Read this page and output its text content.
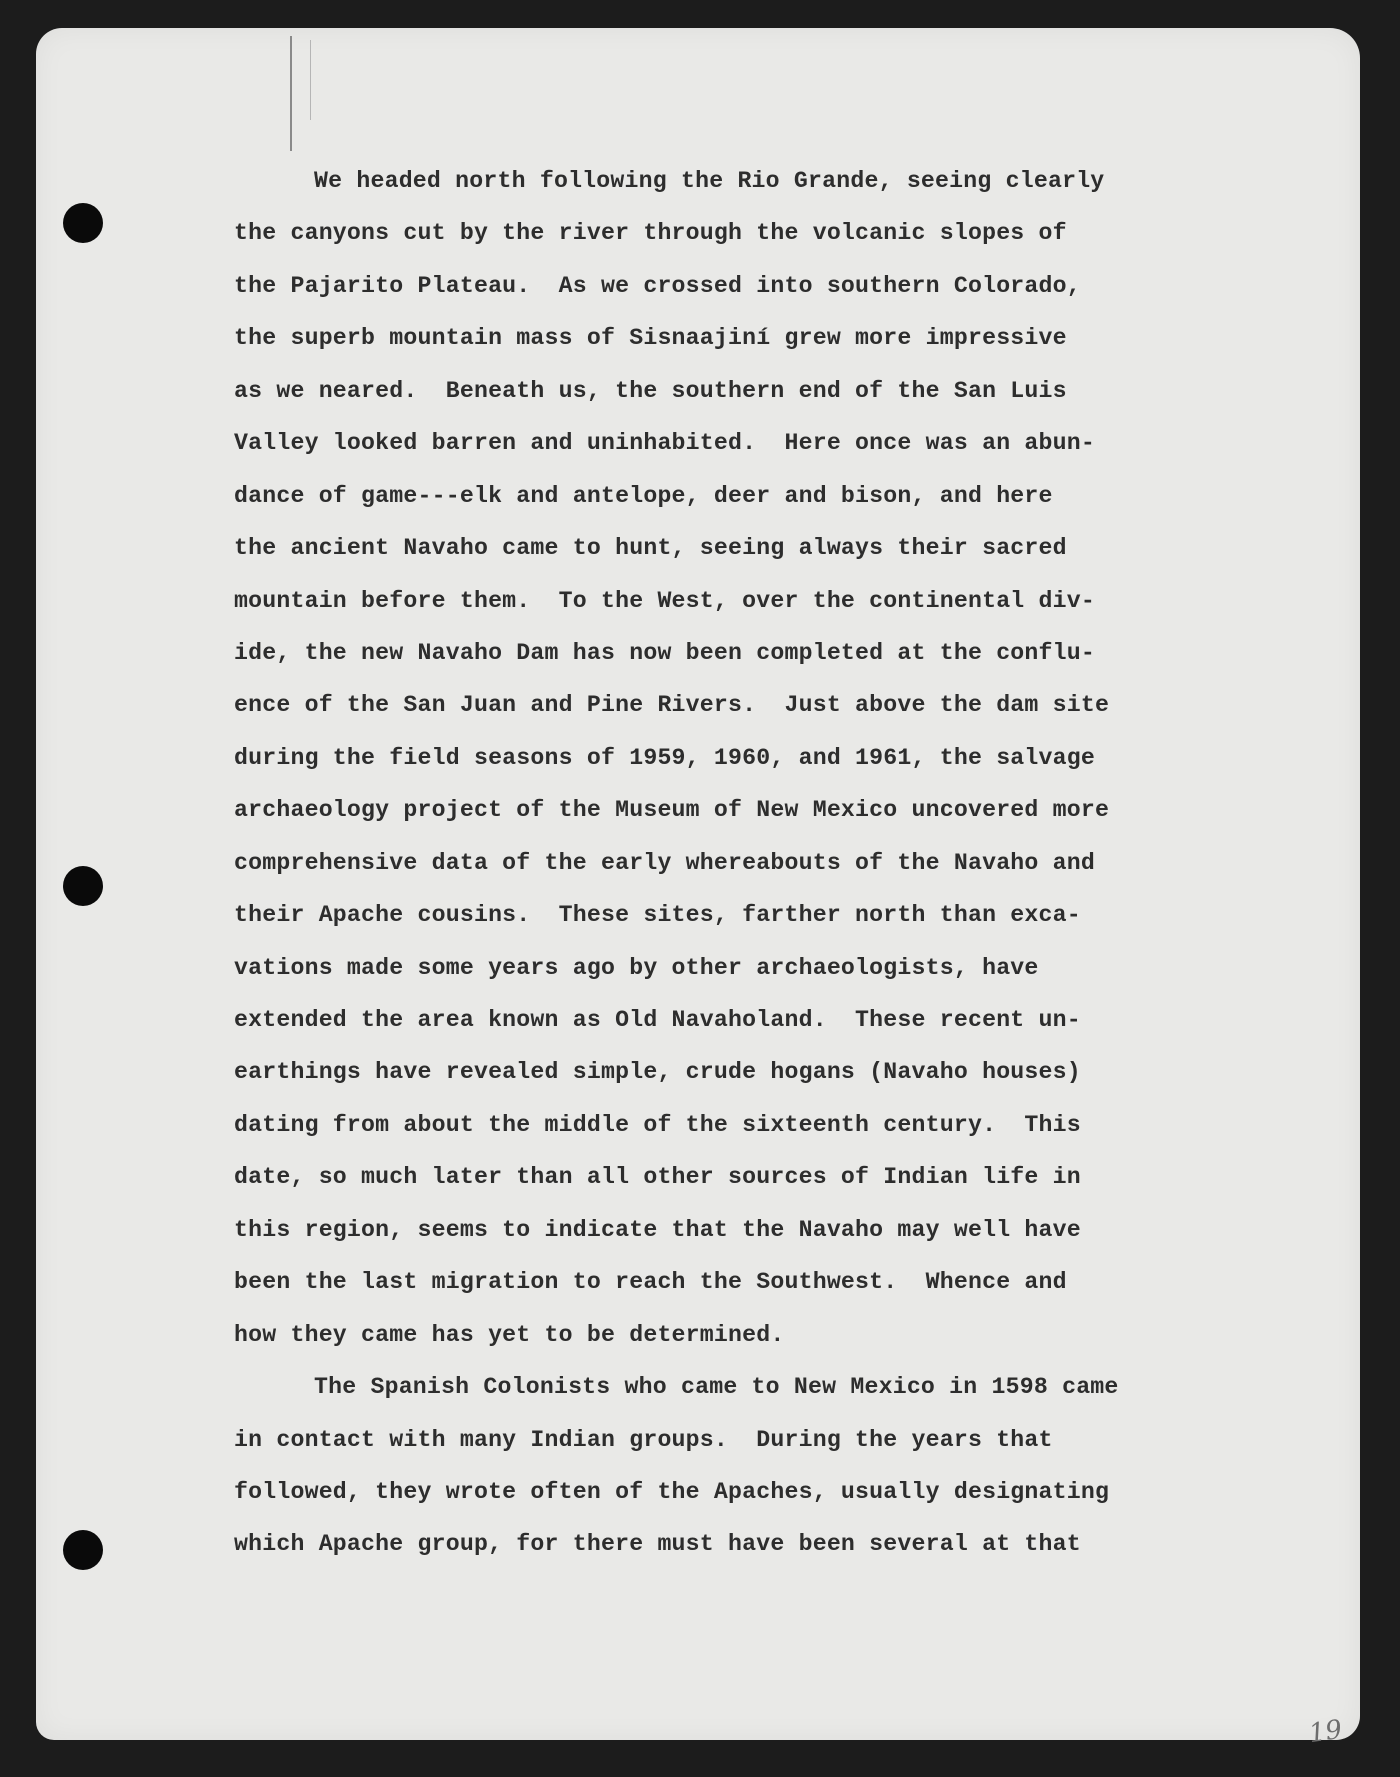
We headed north following the Rio Grande, seeing clearly
the canyons cut by the river through the volcanic slopes of
the Pajarito Plateau.  As we crossed into southern Colorado,
the superb mountain mass of Sisnaajiní grew more impressive
as we neared.  Beneath us, the southern end of the San Luis
Valley looked barren and uninhabited.  Here once was an abun-
dance of game---elk and antelope, deer and bison, and here
the ancient Navaho came to hunt, seeing always their sacred
mountain before them.  To the West, over the continental div-
ide, the new Navaho Dam has now been completed at the conflu-
ence of the San Juan and Pine Rivers.  Just above the dam site
during the field seasons of 1959, 1960, and 1961, the salvage
archaeology project of the Museum of New Mexico uncovered more
comprehensive data of the early whereabouts of the Navaho and
their Apache cousins.  These sites, farther north than exca-
vations made some years ago by other archaeologists, have
extended the area known as Old Navaholand.  These recent un-
earthings have revealed simple, crude hogans (Navaho houses)
dating from about the middle of the sixteenth century.  This
date, so much later than all other sources of Indian life in
this region, seems to indicate that the Navaho may well have
been the last migration to reach the Southwest.  Whence and
how they came has yet to be determined.
The Spanish Colonists who came to New Mexico in 1598 came
in contact with many Indian groups.  During the years that
followed, they wrote often of the Apaches, usually designating
which Apache group, for there must have been several at that
19
